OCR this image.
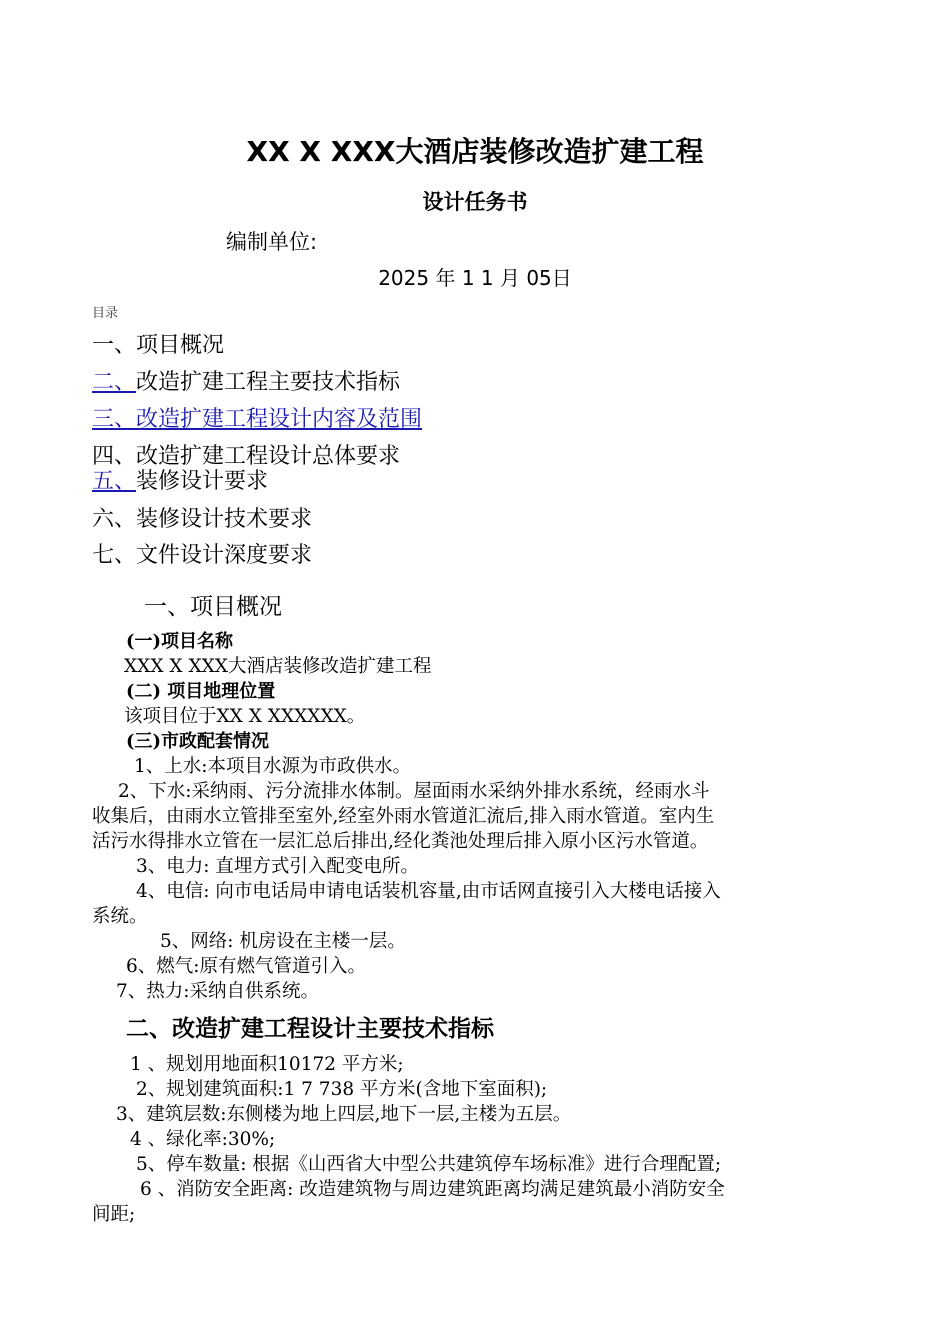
XX X XXX大酒店装修改造扩建工程
设计任务书
编制单位:
2025 年 1 1 月 05日
目录
一、项目概况
二、改造扩建工程主要技术指标
三、改造扩建工程设计内容及范围
四、改造扩建工程设计总体要求
五、装修设计要求
六、装修设计技术要求
七、文件设计深度要求
一、项目概况
(一)项目名称
XXX X XXX大酒店装修改造扩建工程
(二) 项目地理位置
该项目位于XX X XXXXXX。
(三)市政配套情况
1、上水:本项目水源为市政供水。
2、下水:采纳雨、污分流排水体制。屋面雨水采纳外排水系统，经雨水斗
收集后，由雨水立管排至室外,经室外雨水管道汇流后,排入雨水管道。室内生
活污水得排水立管在一层汇总后排出,经化粪池处理后排入原小区污水管道。
3、电力: 直埋方式引入配变电所。
4、电信: 向市电话局申请电话装机容量,由市话网直接引入大楼电话接入
系统。
5、网络: 机房设在主楼一层。
6、燃气:原有燃气管道引入。
7、热力:采纳自供系统。
二、改造扩建工程设计主要技术指标
1 、规划用地面积10172 平方米;
2、规划建筑面积:1 7 738 平方米(含地下室面积);
3、建筑层数:东侧楼为地上四层,地下一层,主楼为五层。
4 、绿化率:30%;
5、停车数量: 根据《山西省大中型公共建筑停车场标准》进行合理配置;
6 、消防安全距离: 改造建筑物与周边建筑距离均满足建筑最小消防安全
间距;
